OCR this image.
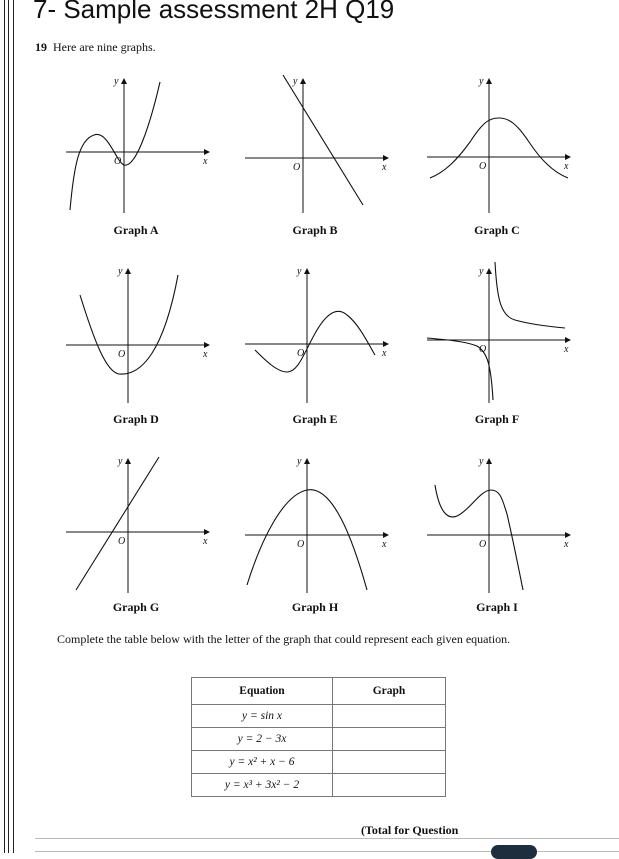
7- Sample assessment 2H Q19
19 Here are nine graphs.
y
x
O
Graph A
y
x
O
Graph B
y
x
O
Graph C
y
x
O
Graph D
y
x
O
Graph E
y
x
O
Graph F
y
x
O
Graph G
y
x
O
Graph H
y
x
O
Graph I
Complete the table below with the letter of the graph that could represent each given equation.
Equation	Graph
y = sin x	
y = 2 − 3x	
y = x² + x − 6	
y = x³ + 3x² − 2	
(Total for Question
